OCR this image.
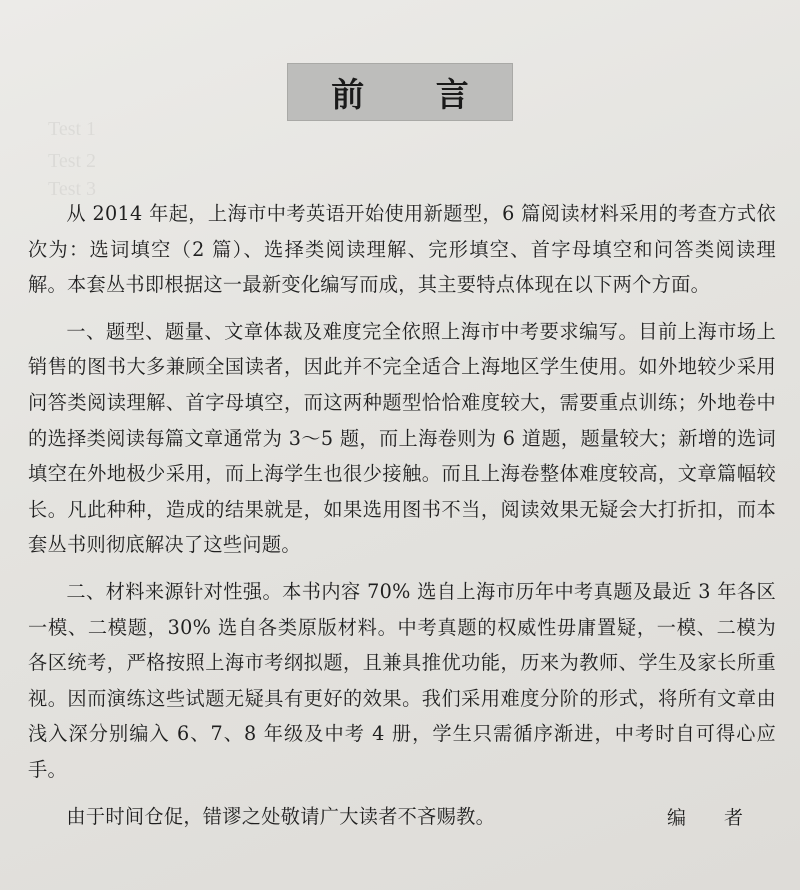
Test 1
Test 2
Test 3
前 言

从 2014 年起，上海市中考英语开始使用新题型，6 篇阅读材料采用的考查方式依次为：选词填空（2 篇）、选择类阅读理解、完形填空、首字母填空和问答类阅读理解。本套丛书即根据这一最新变化编写而成，其主要特点体现在以下两个方面。

一、题型、题量、文章体裁及难度完全依照上海市中考要求编写。目前上海市场上销售的图书大多兼顾全国读者，因此并不完全适合上海地区学生使用。如外地较少采用问答类阅读理解、首字母填空，而这两种题型恰恰难度较大，需要重点训练；外地卷中的选择类阅读每篇文章通常为 3～5 题，而上海卷则为 6 道题，题量较大；新增的选词填空在外地极少采用，而上海学生也很少接触。而且上海卷整体难度较高，文章篇幅较长。凡此种种，造成的结果就是，如果选用图书不当，阅读效果无疑会大打折扣，而本套丛书则彻底解决了这些问题。

二、材料来源针对性强。本书内容 70% 选自上海市历年中考真题及最近 3 年各区一模、二模题，30% 选自各类原版材料。中考真题的权威性毋庸置疑，一模、二模为各区统考，严格按照上海市考纲拟题，且兼具推优功能，历来为教师、学生及家长所重视。因而演练这些试题无疑具有更好的效果。我们采用难度分阶的形式，将所有文章由浅入深分别编入 6、7、8 年级及中考 4 册，学生只需循序渐进，中考时自可得心应手。

由于时间仓促，错谬之处敬请广大读者不吝赐教。	编 者
